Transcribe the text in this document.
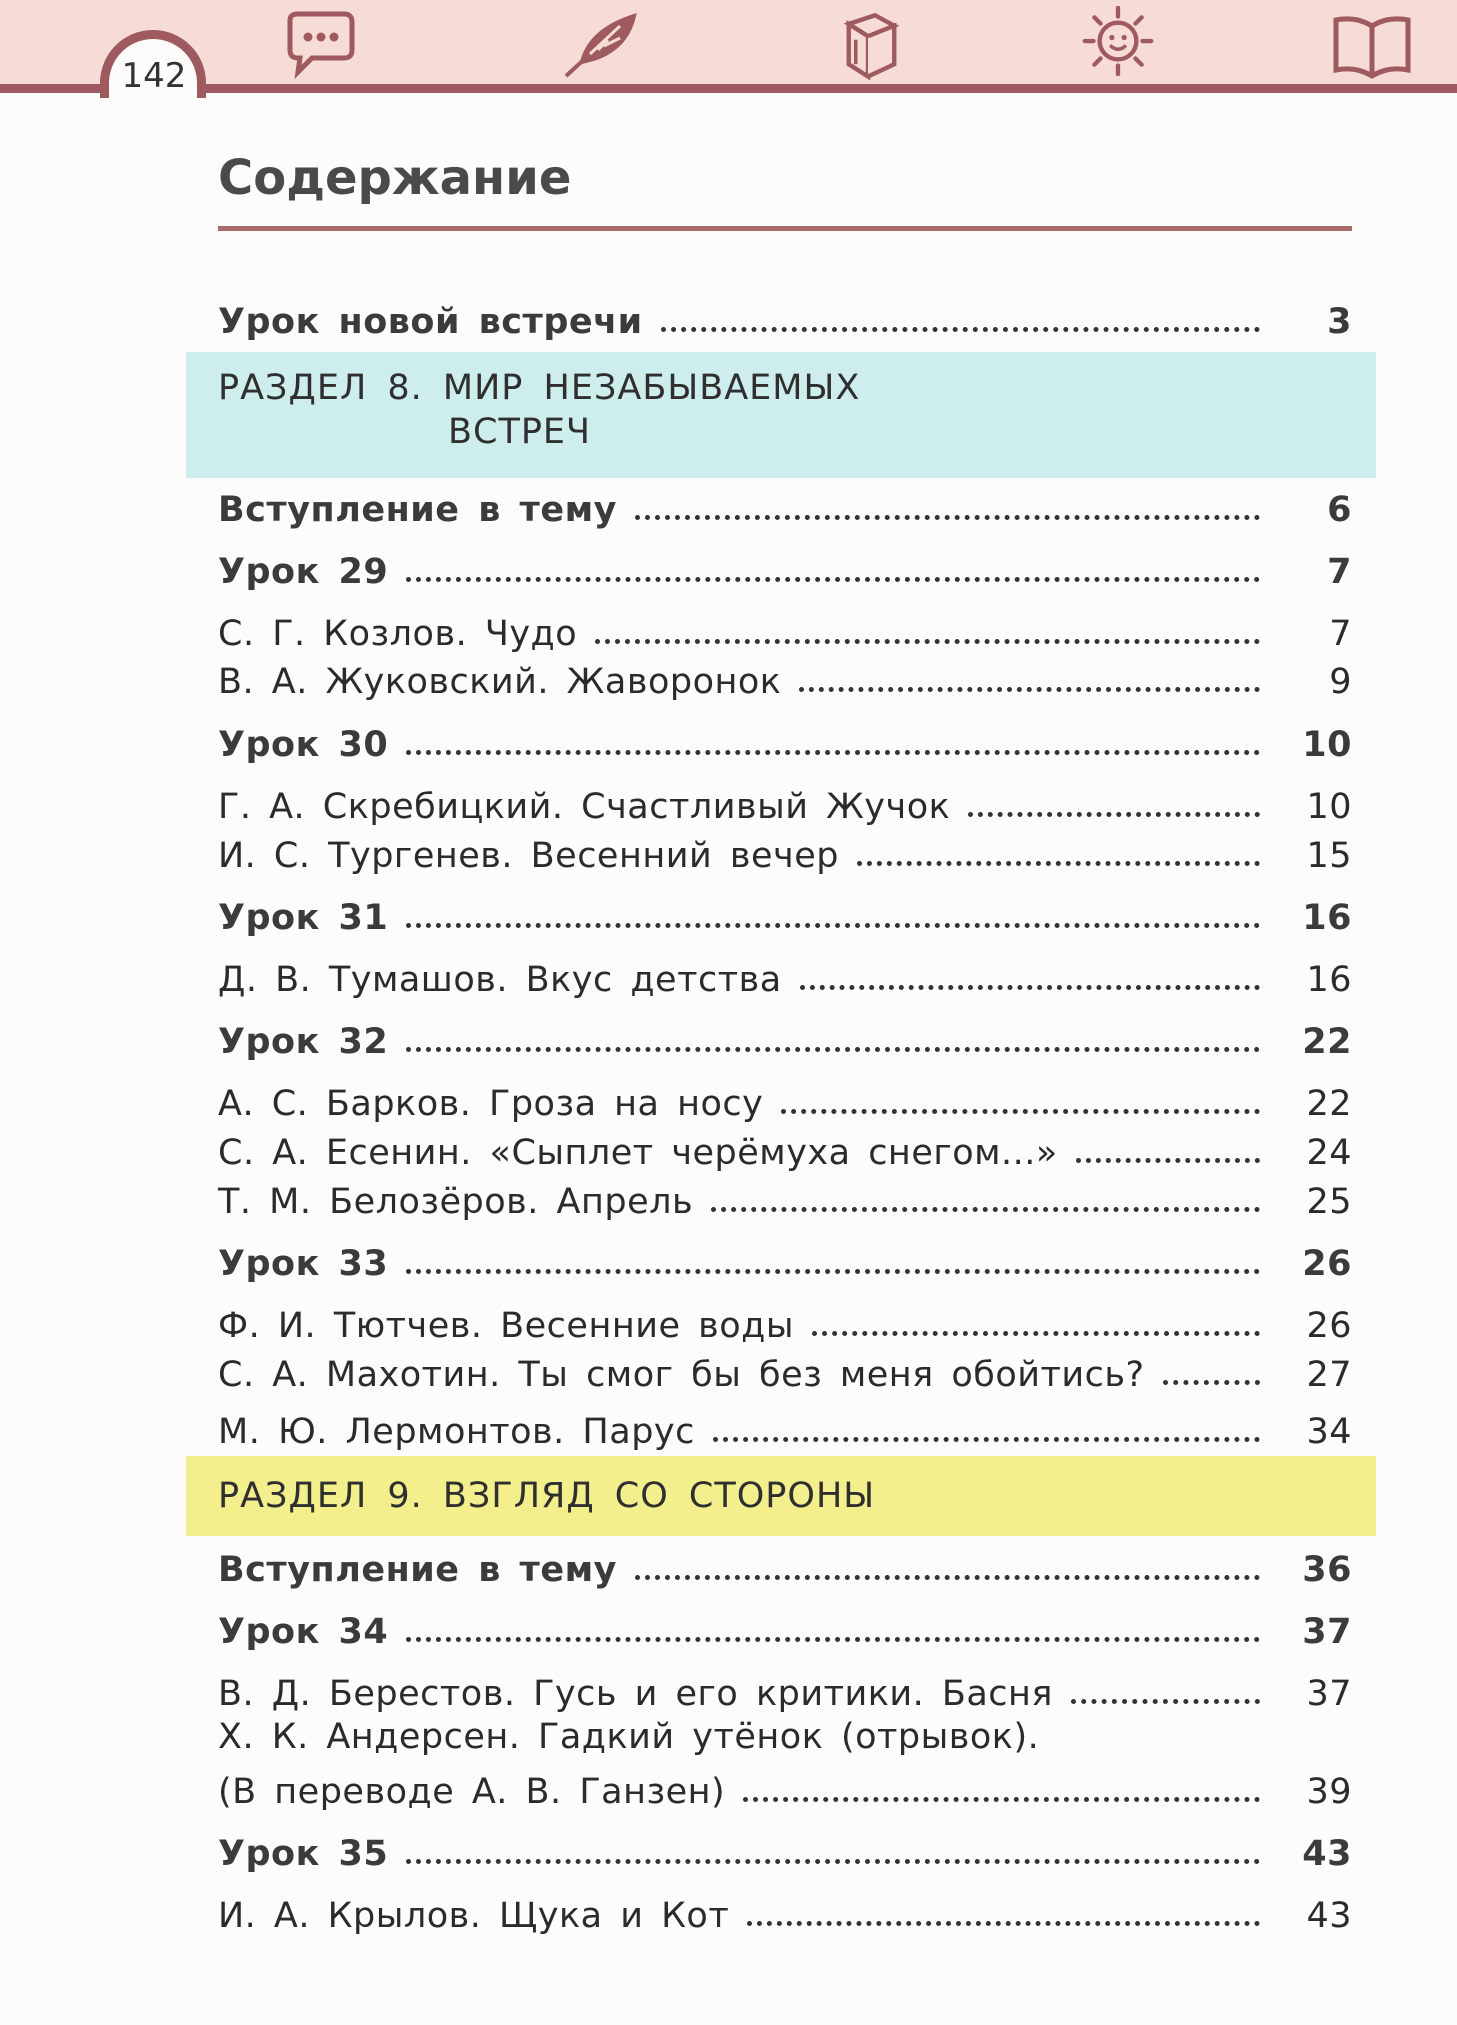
142
Содержание
Урок новой встречи	3
РАЗДЕЛ 8. МИР НЕЗАБЫВАЕМЫХ
ВСТРЕЧ
Вступление в тему	6
Урок 29	7
С. Г. Козлов. Чудо	7
В. А. Жуковский. Жаворонок	9
Урок 30	10
Г. А. Скребицкий. Счастливый Жучок	10
И. С. Тургенев. Весенний вечер	15
Урок 31	16
Д. В. Тумашов. Вкус детства	16
Урок 32	22
А. С. Барков. Гроза на носу	22
С. А. Есенин. «Сыплет черёмуха снегом...»	24
Т. М. Белозёров. Апрель	25
Урок 33	26
Ф. И. Тютчев. Весенние воды	26
С. А. Махотин. Ты смог бы без меня обойтись?	27
М. Ю. Лермонтов. Парус	34
РАЗДЕЛ 9. ВЗГЛЯД СО СТОРОНЫ
Вступление в тему	36
Урок 34	37
В. Д. Берестов. Гусь и его критики. Басня	37
Х. К. Андерсен. Гадкий утёнок (отрывок).
(В переводе А. В. Ганзен)	39
Урок 35	43
И. А. Крылов. Щука и Кот	43
